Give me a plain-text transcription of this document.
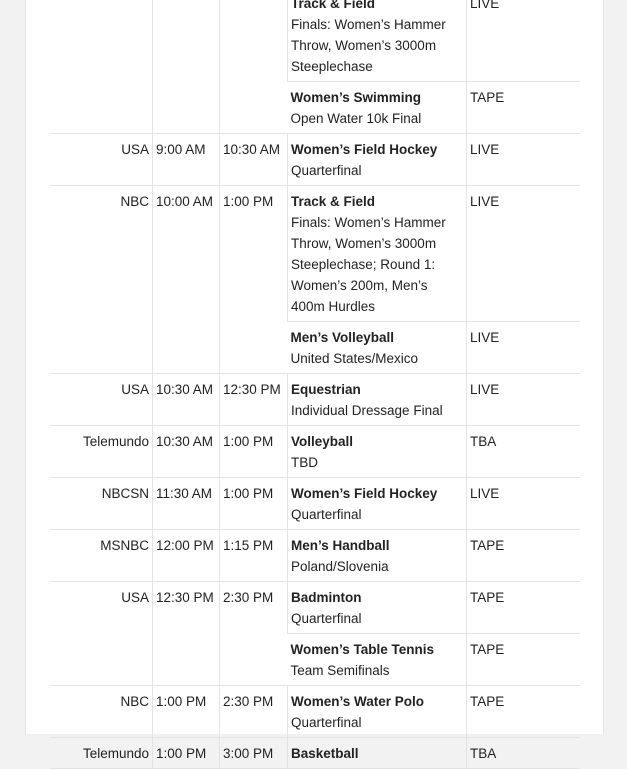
			Track & Field
Finals: Women’s Hammer Throw, Women’s 3000m Steeplechase	LIVE

			Women’s Swimming
Open Water 10k Final	TAPE
USA	9:00 AM	10:30 AM	Women’s Field Hockey
Quarterfinal	LIVE
NBC	10:00 AM	1:00 PM	Track & Field
Finals: Women’s Hammer Throw, Women’s 3000m Steeplechase; Round 1: Women’s 200m, Men’s 400m Hurdles	LIVE

			Men’s Volleyball
United States/Mexico	LIVE
USA	10:30 AM	12:30 PM	Equestrian
Individual Dressage Final	LIVE
Telemundo	10:30 AM	1:00 PM	Volleyball
TBD	TBA
NBCSN	11:30 AM	1:00 PM	Women’s Field Hockey
Quarterfinal	LIVE
MSNBC	12:00 PM	1:15 PM	Men’s Handball
Poland/Slovenia	TAPE
USA	12:30 PM	2:30 PM	Badminton
Quarterfinal	TAPE

			Women’s Table Tennis
Team Semifinals	TAPE
NBC	1:00 PM	2:30 PM	Women’s Water Polo
Quarterfinal	TAPE
Telemundo	1:00 PM	3:00 PM	Basketball	TBA
